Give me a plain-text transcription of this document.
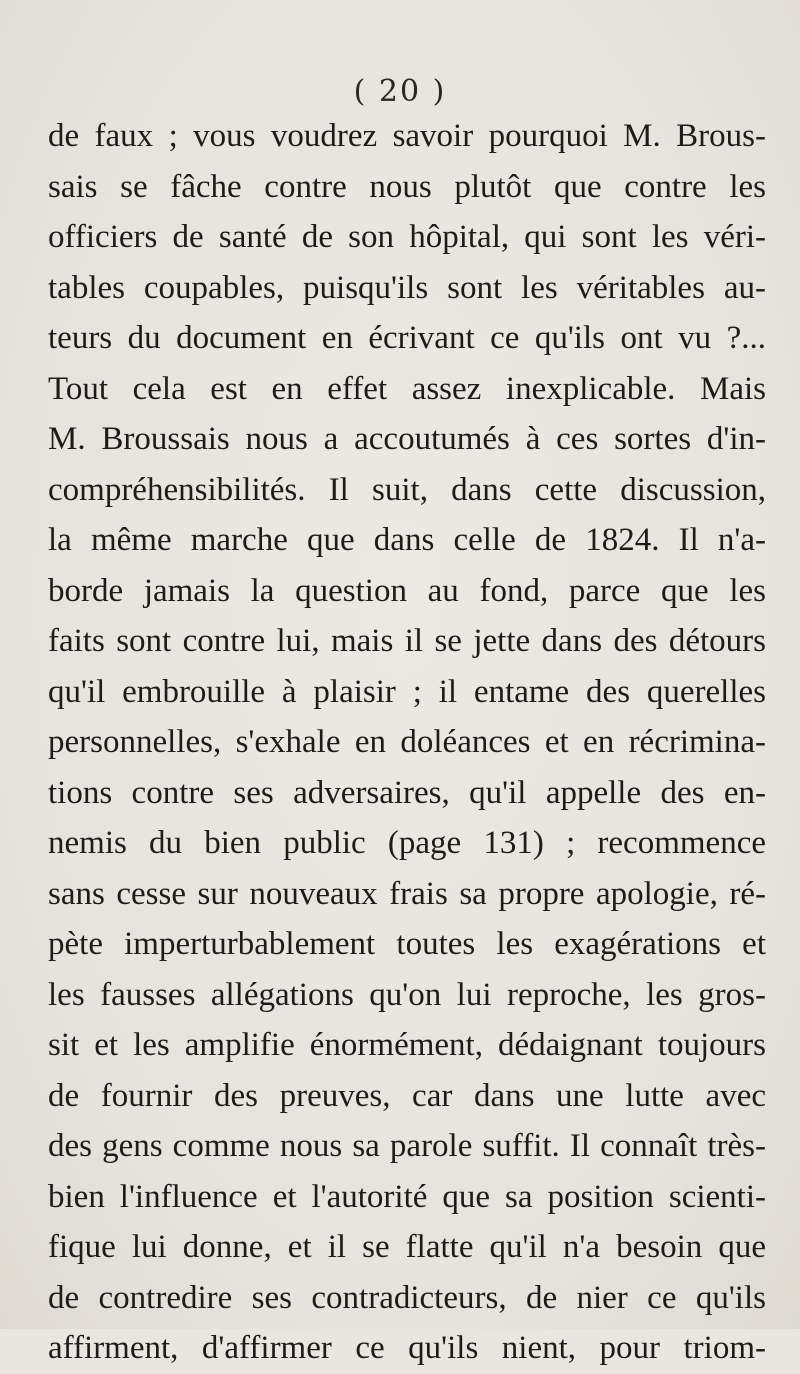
( 20 )
de faux ; vous voudrez savoir pourquoi M. Brous-
sais se fâche contre nous plutôt que contre les
officiers de santé de son hôpital, qui sont les véri-
tables coupables, puisqu'ils sont les véritables au-
teurs du document en écrivant ce qu'ils ont vu ?...
Tout cela est en effet assez inexplicable. Mais
M. Broussais nous a accoutumés à ces sortes d'in-
compréhensibilités. Il suit, dans cette discussion,
la même marche que dans celle de 1824. Il n'a-
borde jamais la question au fond, parce que les
faits sont contre lui, mais il se jette dans des détours
qu'il embrouille à plaisir ; il entame des querelles
personnelles, s'exhale en doléances et en récrimina-
tions contre ses adversaires, qu'il appelle des en-
nemis du bien public (page 131) ; recommence
sans cesse sur nouveaux frais sa propre apologie, ré-
pète imperturbablement toutes les exagérations et
les fausses allégations qu'on lui reproche, les gros-
sit et les amplifie énormément, dédaignant toujours
de fournir des preuves, car dans une lutte avec
des gens comme nous sa parole suffit. Il connaît très-
bien l'influence et l'autorité que sa position scienti-
fique lui donne, et il se flatte qu'il n'a besoin que
de contredire ses contradicteurs, de nier ce qu'ils
affirment, d'affirmer ce qu'ils nient, pour triom-
